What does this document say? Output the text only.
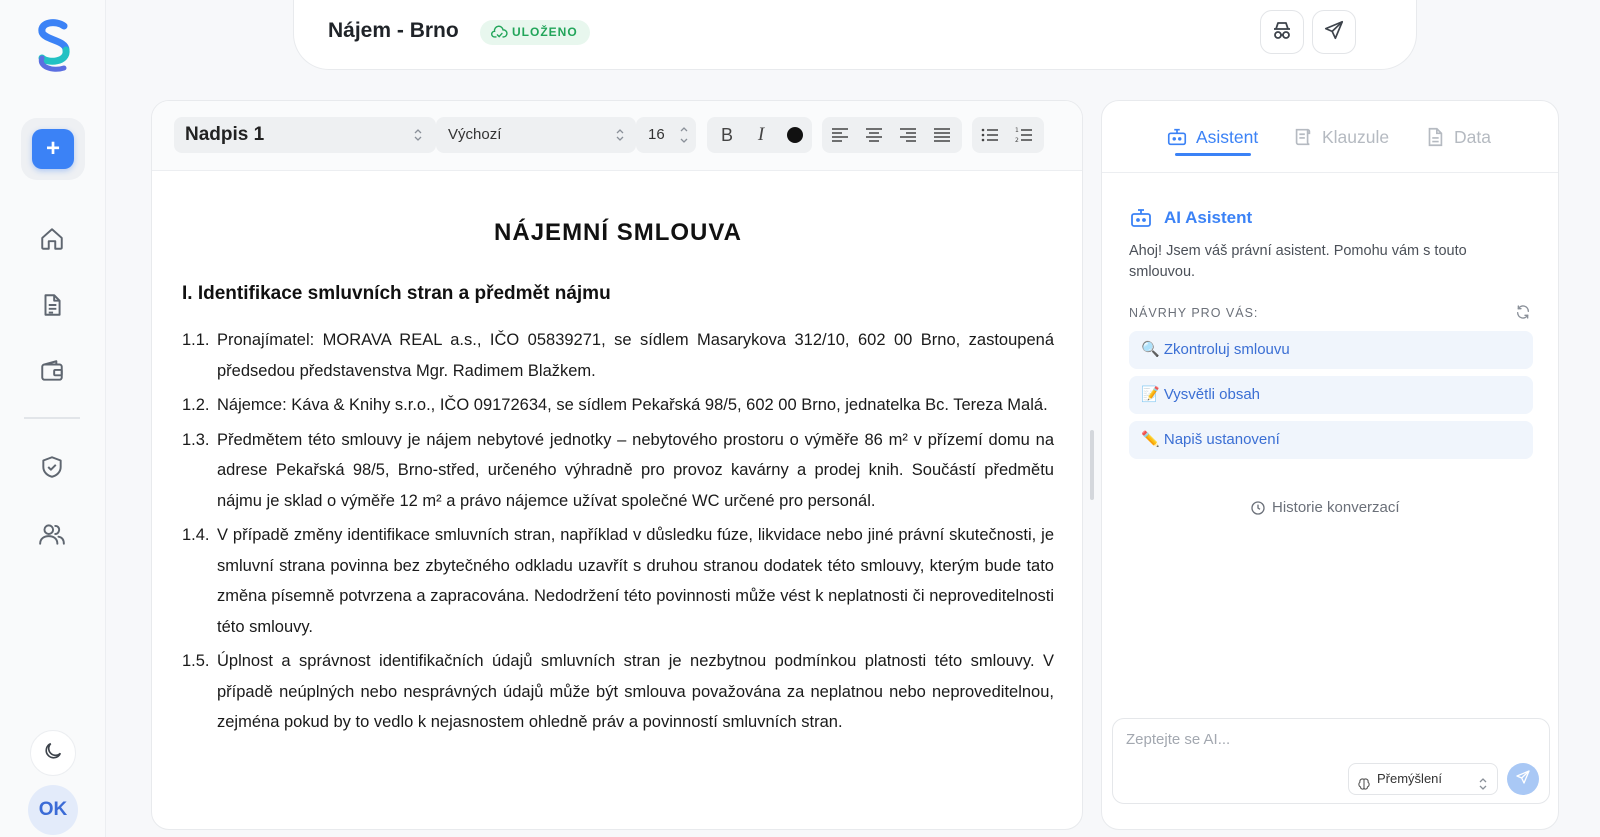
+
OK
Nájem - Brno	ULOŽENO
Nadpis 1	Výchozí	16	B	I	1
2
NÁJEMNÍ SMLOUVA
I. Identifikace smluvních stran a předmět nájmu
1.1. Pronajímatel: MORAVA REAL a.s., IČO 05839271, se sídlem Masarykova 312/10, 602 00 Brno, zastoupená předsedou představenstva Mgr. Radimem Blažkem.
1.2. Nájemce: Káva & Knihy s.r.o., IČO 09172634, se sídlem Pekařská 98/5, 602 00 Brno, jednatelka Bc. Tereza Malá.
1.3. Předmětem této smlouvy je nájem nebytové jednotky – nebytového prostoru o výměře 86 m² v přízemí domu na adrese Pekařská 98/5, Brno-střed, určeného výhradně pro provoz kavárny a prodej knih. Součástí předmětu nájmu je sklad o výměře 12 m² a právo nájemce užívat společné WC určené pro personál.
1.4. V případě změny identifikace smluvních stran, například v důsledku fúze, likvidace nebo jiné právní skutečnosti, je smluvní strana povinna bez zbytečného odkladu uzavřít s druhou stranou dodatek této smlouvy, kterým bude tato změna písemně potvrzena a zapracována. Nedodržení této povinnosti může vést k neplatnosti či neproveditelnosti této smlouvy.
1.5. Úplnost a správnost identifikačních údajů smluvních stran je nezbytnou podmínkou platnosti této smlouvy. V případě neúplných nebo nesprávných údajů může být smlouva považována za neplatnou nebo neproveditelnou, zejména pokud by to vedlo k nejasnostem ohledně práv a povinností smluvních stran.
Asistent	Klauzule	Data
AI Asistent
Ahoj! Jsem váš právní asistent. Pomohu vám s touto smlouvou.
NÁVRHY PRO VÁS:
🔍 Zkontroluj smlouvu
📝 Vysvětli obsah
✏️ Napiš ustanovení
Historie konverzací
Zeptejte se AI...
Přemýšlení
